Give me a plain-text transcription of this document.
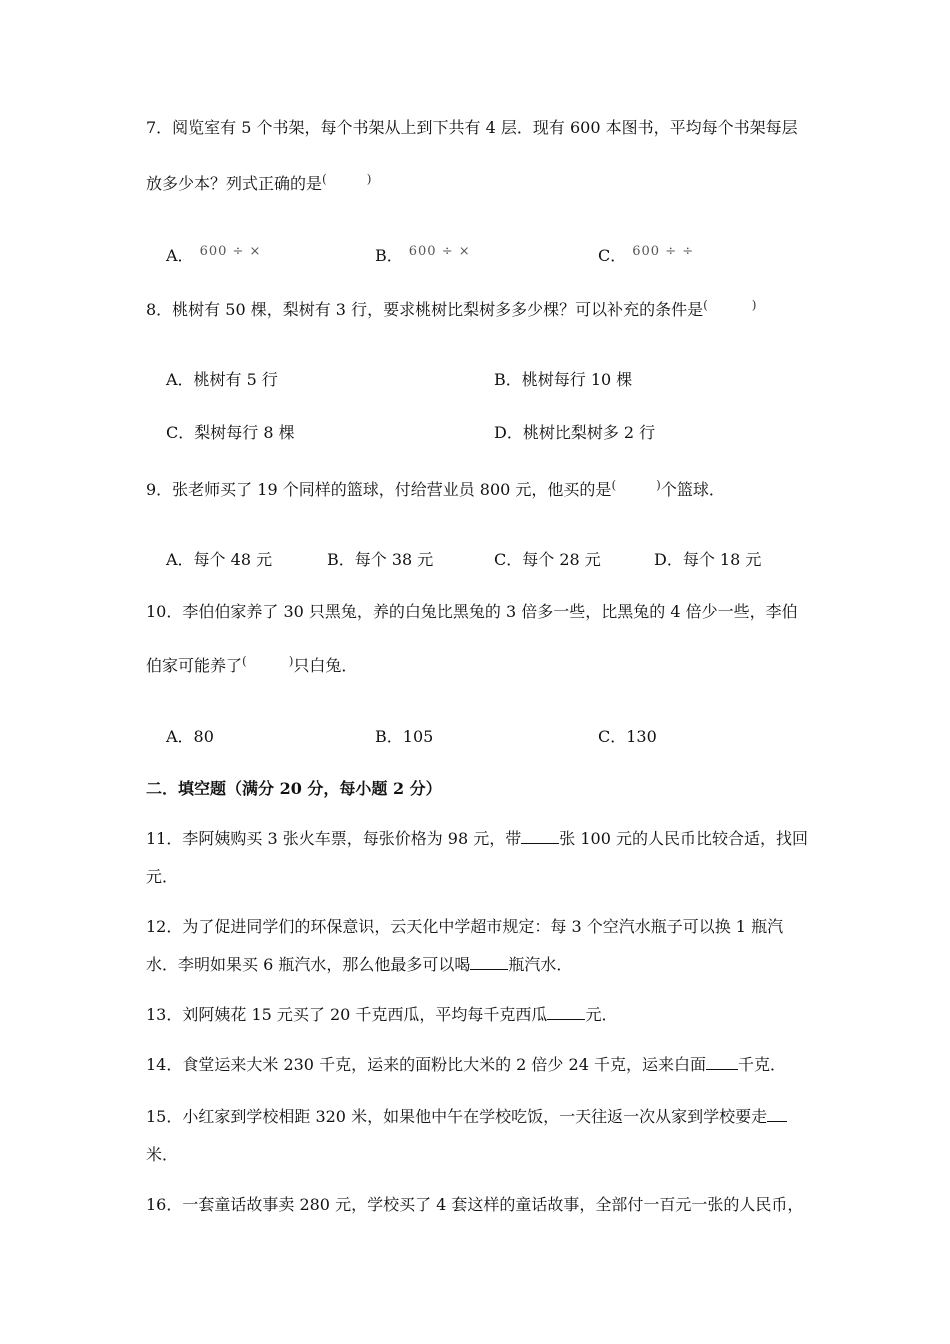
7．阅览室有 5 个书架，每个书架从上到下共有 4 层．现有 600 本图书，平均每个书架每层
放多少本？列式正确的是(	)
A． $^{600 \div \times}$	B． $^{600 \div \times}$	C． $^{600 \div \div}$
8．桃树有 50 棵，梨树有 3 行，要求桃树比梨树多多少棵？可以补充的条件是(	)
A．桃树有 5 行	B．桃树每行 10 棵
C．梨树每行 8 棵	D．桃树比梨树多 2 行
9．张老师买了 19 个同样的篮球，付给营业员 800 元，他买的是(	)个篮球．
A．每个 48 元	B．每个 38 元	C．每个 28 元	D．每个 18 元
10．李伯伯家养了 30 只黑兔，养的白兔比黑兔的 3 倍多一些，比黑兔的 4 倍少一些，李伯
伯家可能养了(	)只白兔．
A．80	B．105	C．130
二．填空题（满分 20 分，每小题 2 分）
11．李阿姨购买 3 张火车票，每张价格为 98 元，带 张 100 元的人民币比较合适，找回
元．
12．为了促进同学们的环保意识，云天化中学超市规定：每 3 个空汽水瓶子可以换 1 瓶汽
水．李明如果买 6 瓶汽水，那么他最多可以喝 瓶汽水．
13．刘阿姨花 15 元买了 20 千克西瓜，平均每千克西瓜 元．
14．食堂运来大米 230 千克，运来的面粉比大米的 2 倍少 24 千克，运来白面 千克．
15．小红家到学校相距 320 米，如果他中午在学校吃饭，一天往返一次从家到学校要走
米．
16．一套童话故事卖 280 元，学校买了 4 套这样的童话故事，全部付一百元一张的人民币，
